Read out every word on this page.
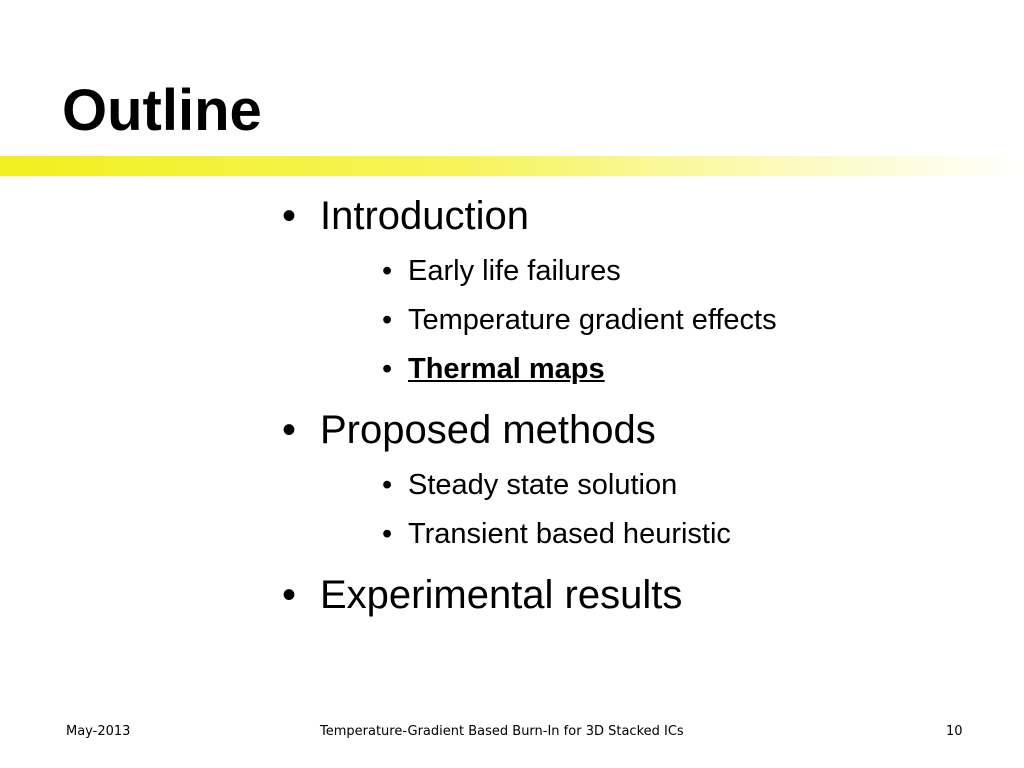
Outline
• Introduction
• Early life failures
• Temperature gradient effects
• Thermal maps
• Proposed methods
• Steady state solution
• Transient based heuristic
• Experimental results
May-2013	Temperature-Gradient Based Burn-In for 3D Stacked ICs	10
